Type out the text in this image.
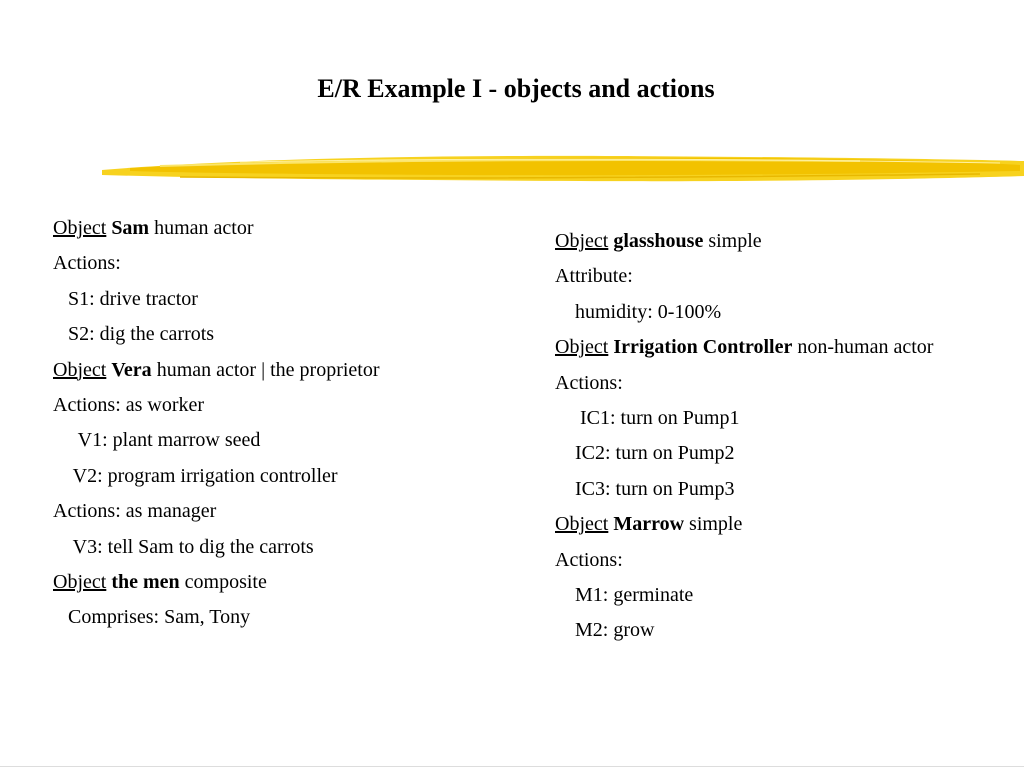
E/R Example I - objects and actions
Object Sam human actor
Actions:
S1: drive tractor
S2: dig the carrots
Object Vera human actor | the proprietor
Actions: as worker
V1: plant marrow seed
V2: program irrigation controller
Actions: as manager
V3: tell Sam to dig the carrots
Object the men composite
Comprises: Sam, Tony
Object glasshouse simple
Attribute:
humidity: 0-100%
Object Irrigation Controller non-human actor
Actions:
IC1: turn on Pump1
IC2: turn on Pump2
IC3: turn on Pump3
Object Marrow simple
Actions:
M1: germinate
M2: grow
